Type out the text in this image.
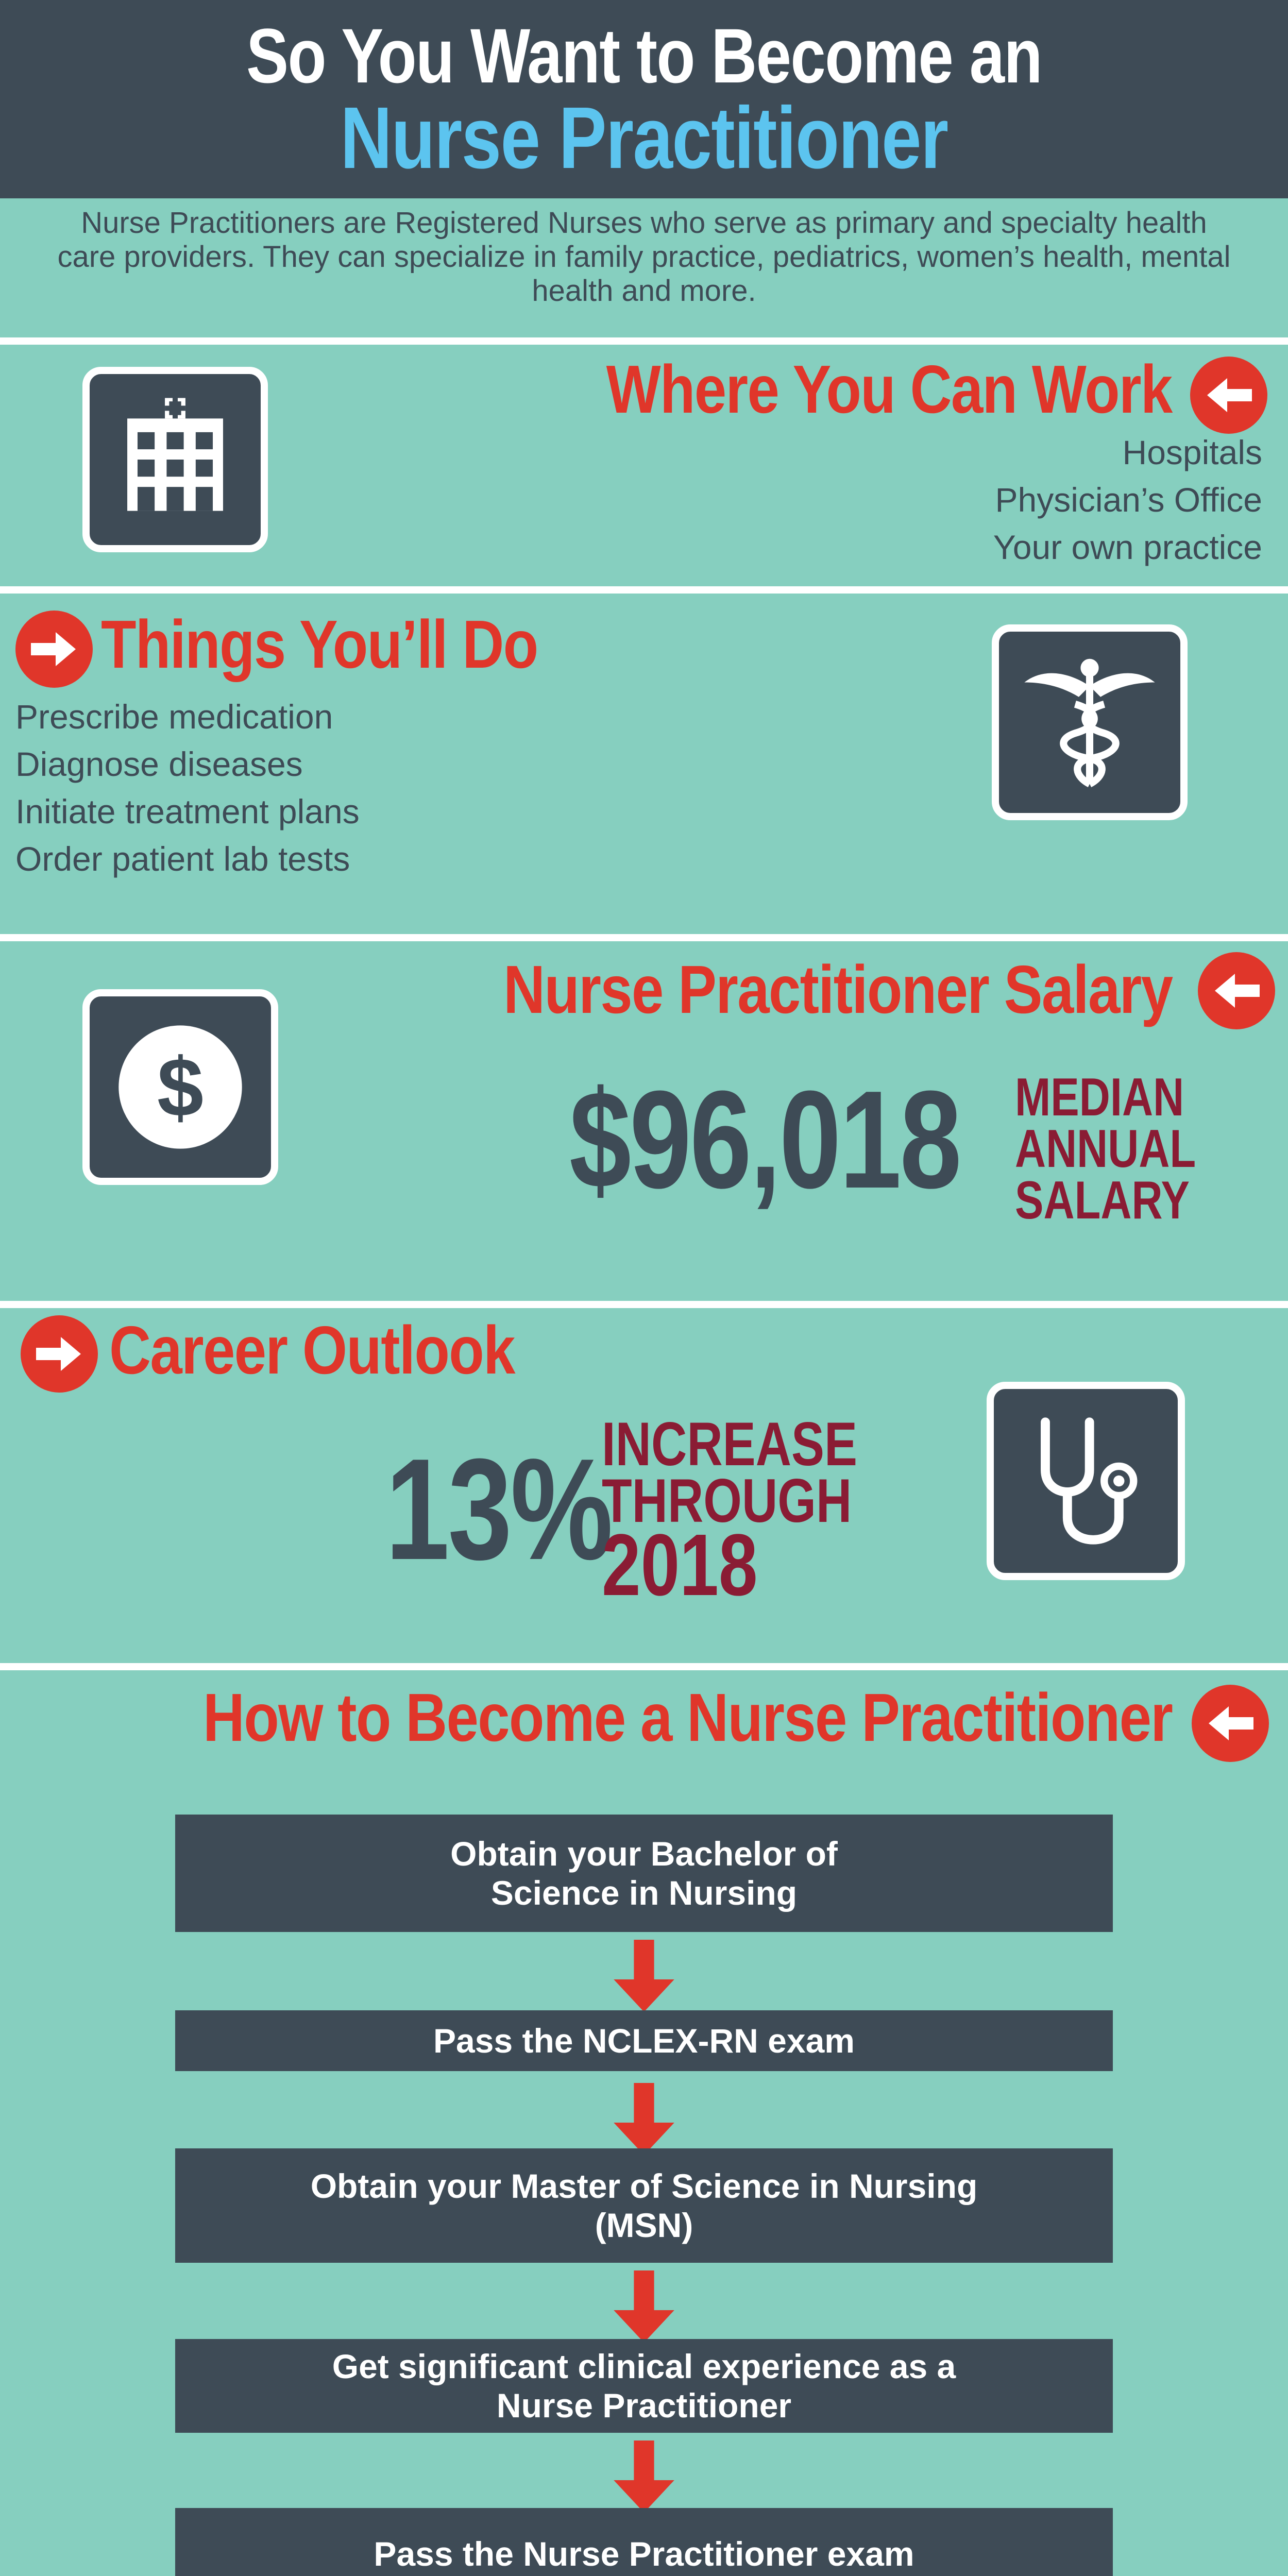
So You Want to Become an
Nurse Practitioner
Nurse Practitioners are Registered Nurses who serve as primary and specialty health care providers. They can specialize in family practice, pediatrics, women’s health, mental health and more.
Where You Can Work
Hospitals
Physician’s Office
Your own practice
Things You’ll Do
Prescribe medication
Diagnose diseases
Initiate treatment plans
Order patient lab tests
$
Nurse Practitioner Salary
$96,018 MEDIAN
ANNUAL
SALARY
Career Outlook
13%
INCREASE
THROUGH
2018
How to Become a Nurse Practitioner
Obtain your Bachelor of Science in Nursing
Pass the NCLEX-RN exam
Obtain your Master of Science in Nursing (MSN)
Get significant clinical experience as a Nurse Practitioner
Pass the Nurse Practitioner exam
